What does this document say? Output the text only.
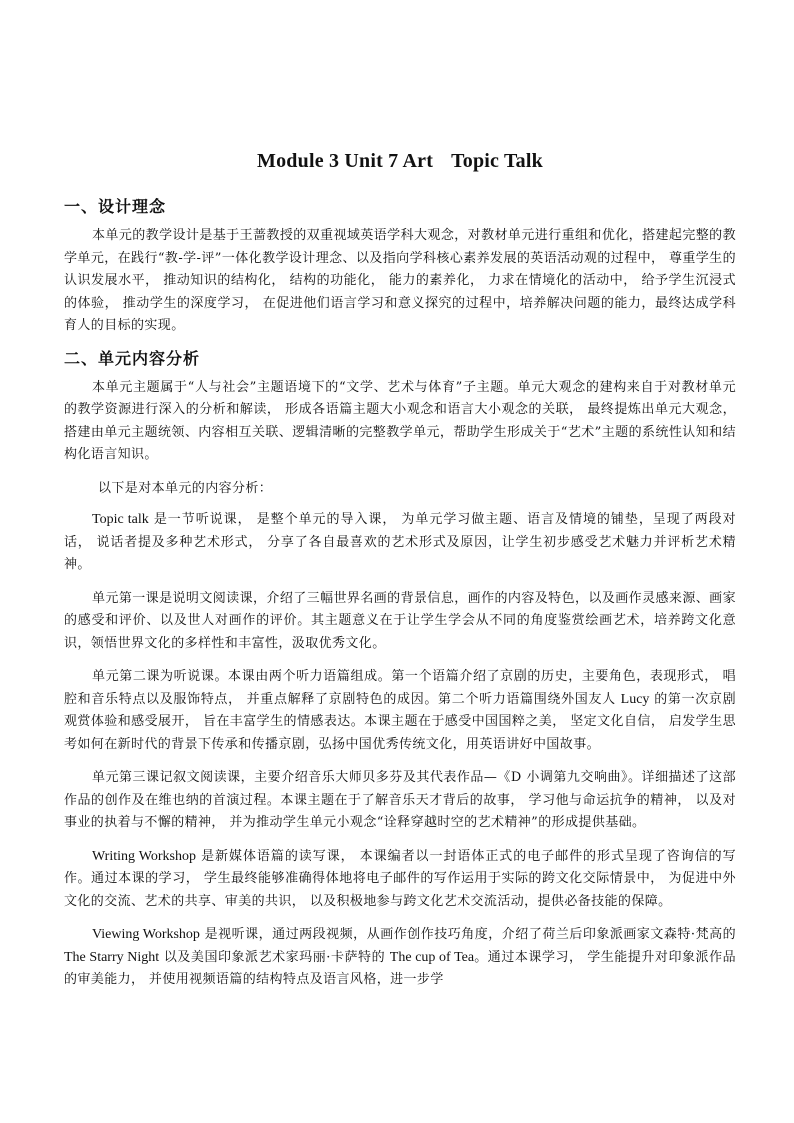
Module 3 Unit 7 Art Topic Talk
一、设计理念

本单元的教学设计是基于王蔷教授的双重视域英语学科大观念，对教材单元进行重组和优化，搭建起完整的教学单元，在践行“教-学-评”一体化教学设计理念、以及指向学科核心素养发展的英语活动观的过程中， 尊重学生的认识发展水平， 推动知识的结构化， 结构的功能化， 能力的素养化， 力求在情境化的活动中， 给予学生沉浸式的体验， 推动学生的深度学习， 在促进他们语言学习和意义探究的过程中，培养解决问题的能力，最终达成学科育人的目标的实现。

二、单元内容分析

本单元主题属于“人与社会”主题语境下的“文学、艺术与体育”子主题。单元大观念的建构来自于对教材单元的教学资源进行深入的分析和解读， 形成各语篇主题大小观念和语言大小观念的关联， 最终提炼出单元大观念， 搭建由单元主题统领、内容相互关联、逻辑清晰的完整教学单元，帮助学生形成关于“艺术”主题的系统性认知和结构化语言知识。

以下是对本单元的内容分析：

Topic talk 是一节听说课， 是整个单元的导入课， 为单元学习做主题、语言及情境的铺垫，呈现了两段对话， 说话者提及多种艺术形式， 分享了各自最喜欢的艺术形式及原因，让学生初步感受艺术魅力并评析艺术精神。

单元第一课是说明文阅读课，介绍了三幅世界名画的背景信息，画作的内容及特色，以及画作灵感来源、画家的感受和评价、以及世人对画作的评价。其主题意义在于让学生学会从不同的角度鉴赏绘画艺术，培养跨文化意识，领悟世界文化的多样性和丰富性，汲取优秀文化。

单元第二课为听说课。本课由两个听力语篇组成。第一个语篇介绍了京剧的历史，主要角色，表现形式， 唱腔和音乐特点以及服饰特点， 并重点解释了京剧特色的成因。第二个听力语篇围绕外国友人 Lucy 的第一次京剧观赏体验和感受展开， 旨在丰富学生的情感表达。本课主题在于感受中国国粹之美， 坚定文化自信， 启发学生思考如何在新时代的背景下传承和传播京剧，弘扬中国优秀传统文化，用英语讲好中国故事。

单元第三课记叙文阅读课，主要介绍音乐大师贝多芬及其代表作品—《D 小调第九交响曲》。详细描述了这部作品的创作及在维也纳的首演过程。本课主题在于了解音乐天才背后的故事， 学习他与命运抗争的精神， 以及对事业的执着与不懈的精神， 并为推动学生单元小观念“诠释穿越时空的艺术精神”的形成提供基础。

Writing Workshop 是新媒体语篇的读写课， 本课编者以一封语体正式的电子邮件的形式呈现了咨询信的写作。通过本课的学习， 学生最终能够准确得体地将电子邮件的写作运用于实际的跨文化交际情景中， 为促进中外文化的交流、艺术的共享、审美的共识， 以及积极地参与跨文化艺术交流活动，提供必备技能的保障。

Viewing Workshop 是视听课，通过两段视频，从画作创作技巧角度，介绍了荷兰后印象派画家文森特·梵高的 The Starry Night 以及美国印象派艺术家玛丽·卡萨特的 The cup of Tea。通过本课学习， 学生能提升对印象派作品的审美能力， 并使用视频语篇的结构特点及语言风格，进一步学
